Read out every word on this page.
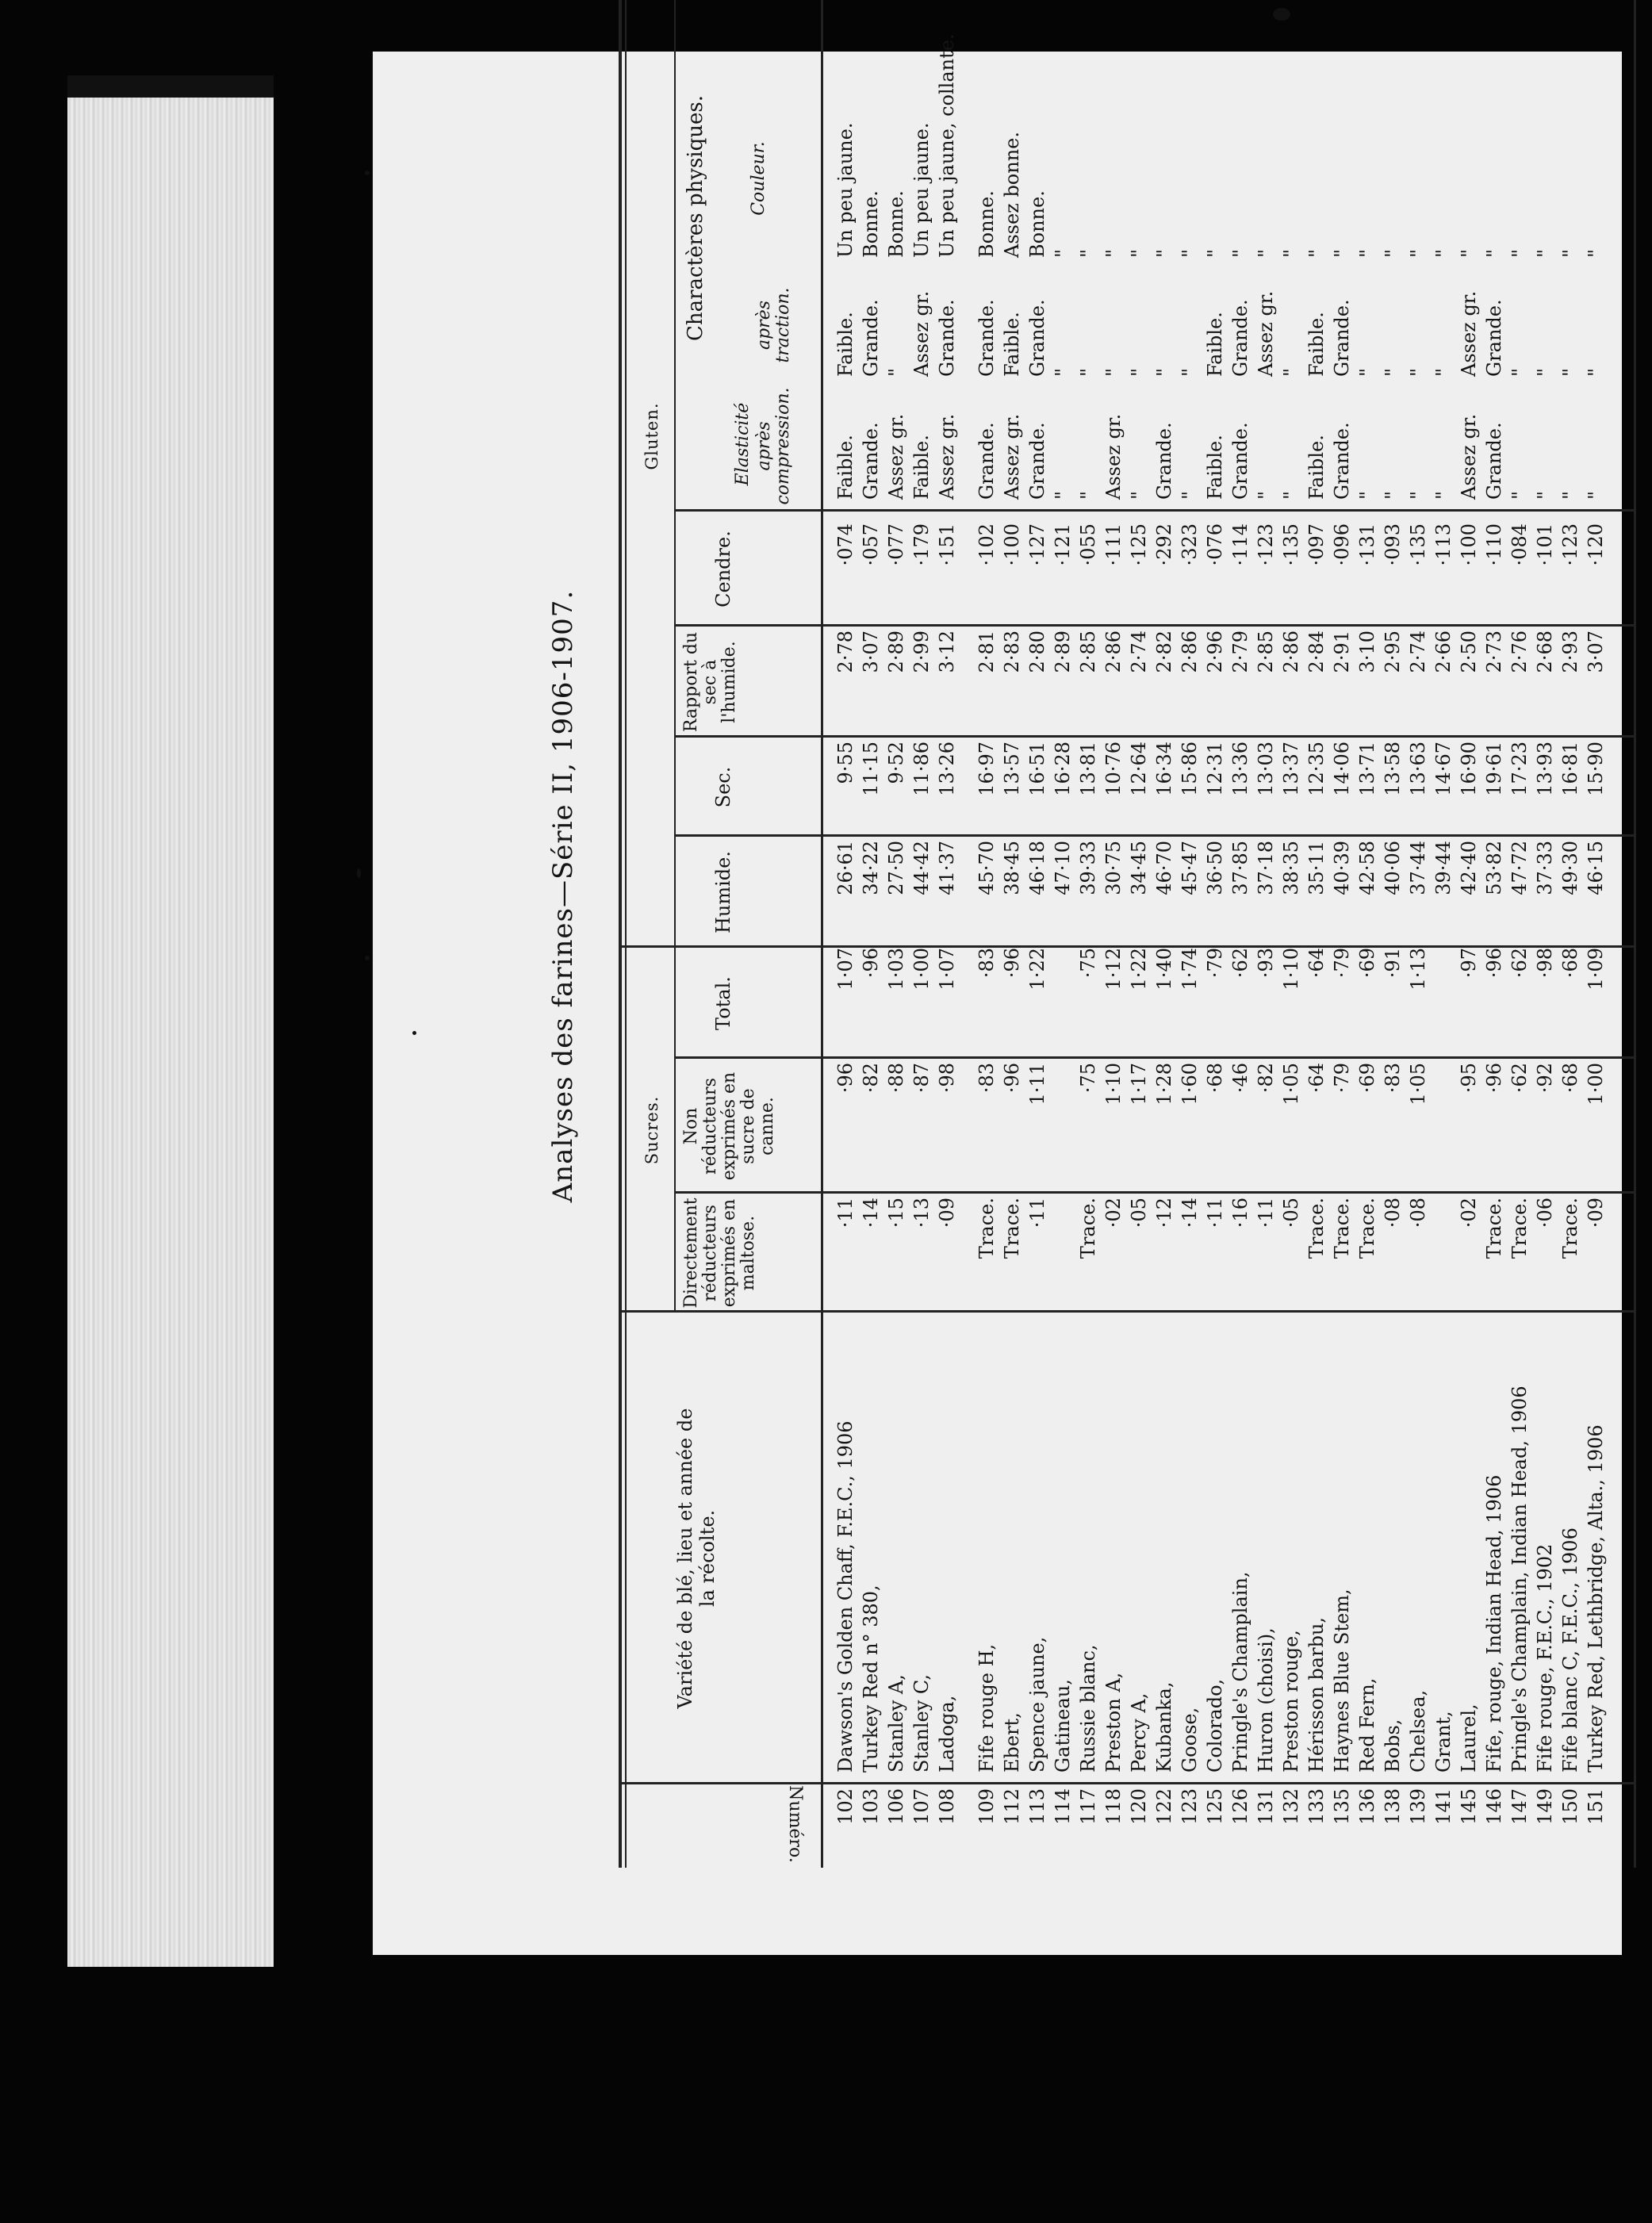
Analyses des farines—Série II, 1906-1907.
Numéro.
Variété de blé, lieu et année de la récolte.
Sucres.
Directement réducteurs exprimés en maltose.
Non réducteurs exprimés en sucre de canne.
Total.
Gluten.
Humide.
Sec.
Rapport du sec à l'humide.
Cendre.
Charactères physiques.
Elasticité après compression.
après traction.
Couleur.
102
Dawson's Golden Chaff, F.E.C., 1906
·11
·96
1·07
26·61
9·55
2·78
·074
Faible.
Faible.
Un peu jaune.
103
Turkey Red n° 380,
·14
·82
·96
34·22
11·15
3·07
·057
Grande.
Grande.
Bonne.
106
Stanley A,
·15
·88
1·03
27·50
9·52
2·89
·077
Assez gr.
"
Bonne.
107
Stanley C,
·13
·87
1·00
44·42
11·86
2·99
·179
Faible.
Assez gr.
Un peu jaune.
108
Ladoga,
·09
·98
1·07
41·37
13·26
3·12
·151
Assez gr.
Grande.
Un peu jaune, collante.
109
Fife rouge H,
Trace.
·83
·83
45·70
16·97
2·81
·102
Grande.
Grande.
Bonne.
112
Ebert,
Trace.
·96
·96
38·45
13·57
2·83
·100
Assez gr.
Faible.
Assez bonne.
113
Spence jaune,
·11
1·11
1·22
46·18
16·51
2·80
·127
Grande.
Grande.
Bonne.
114
Gatineau,
47·10
16·28
2·89
·121
"
"
"
117
Russie blanc,
Trace.
·75
·75
39·33
13·81
2·85
·055
"
"
"
118
Preston A,
·02
1·10
1·12
30·75
10·76
2·86
·111
Assez gr.
"
"
120
Percy A,
·05
1·17
1·22
34·45
12·64
2·74
·125
"
"
"
122
Kubanka,
·12
1·28
1·40
46·70
16·34
2·82
·292
Grande.
"
"
123
Goose,
·14
1·60
1·74
45·47
15·86
2·86
·323
"
"
"
125
Colorado,
·11
·68
·79
36·50
12·31
2·96
·076
Faible.
Faible.
"
126
Pringle's Champlain,
·16
·46
·62
37·85
13·36
2·79
·114
Grande.
Grande.
"
131
Huron (choisi),
·11
·82
·93
37·18
13·03
2·85
·123
"
Assez gr.
"
132
Preston rouge,
·05
1·05
1·10
38·35
13·37
2·86
·135
"
"
"
133
Hérisson barbu,
Trace.
·64
·64
35·11
12·35
2·84
·097
Faible.
Faible.
"
135
Haynes Blue Stem,
Trace.
·79
·79
40·39
14·06
2·91
·096
Grande.
Grande.
"
136
Red Fern,
Trace.
·69
·69
42·58
13·71
3·10
·131
"
"
"
138
Bobs,
·08
·83
·91
40·06
13·58
2·95
·093
"
"
"
139
Chelsea,
·08
1·05
1·13
37·44
13·63
2·74
·135
"
"
"
141
Grant,
39·44
14·67
2·66
·113
"
"
"
145
Laurel,
·02
·95
·97
42·40
16·90
2·50
·100
Assez gr.
Assez gr.
"
146
Fife, rouge, Indian Head, 1906
Trace.
·96
·96
53·82
19·61
2·73
·110
Grande.
Grande.
"
147
Pringle's Champlain, Indian Head, 1906
Trace.
·62
·62
47·72
17·23
2·76
·084
"
"
"
149
Fife rouge, F.E.C., 1902
·06
·92
·98
37·33
13·93
2·68
·101
"
"
"
150
Fife blanc C, F.E.C., 1906
Trace.
·68
·68
49·30
16·81
2·93
·123
"
"
"
151
Turkey Red, Lethbridge, Alta., 1906
·09
1·00
1·09
46·15
15·90
3·07
·120
"
"
"
